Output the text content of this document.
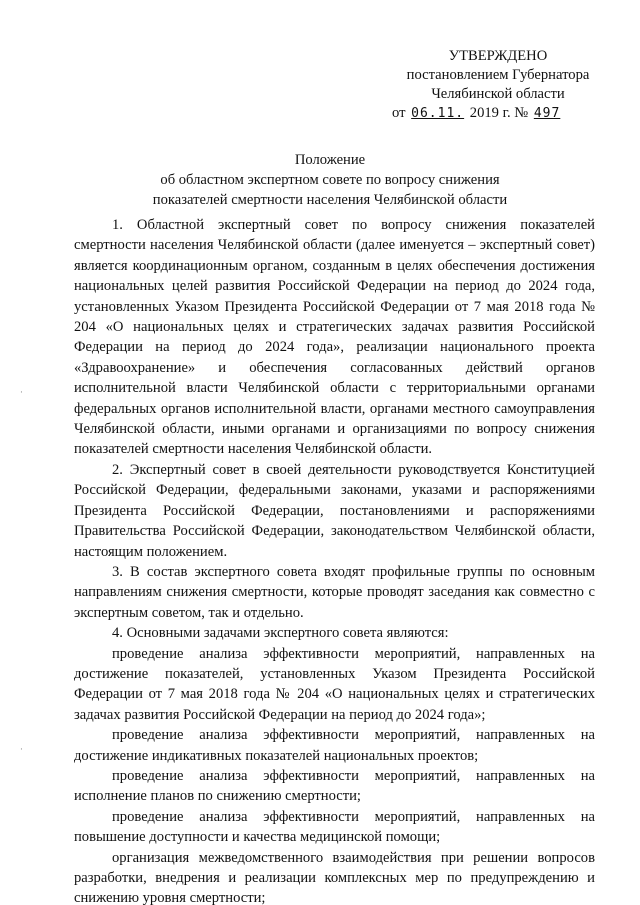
УТВЕРЖДЕНО
постановлением Губернатора
Челябинской области
от 06.11. 2019 г. № 497
Положение
об областном экспертном совете по вопросу снижения
показателей смертности населения Челябинской области

1. Областной экспертный совет по вопросу снижения показателей смертности населения Челябинской области (далее именуется – экспертный совет) является координационным органом, созданным в целях обеспечения достижения национальных целей развития Российской Федерации на период до 2024 года, установленных Указом Президента Российской Федерации от 7 мая 2018 года № 204 «О национальных целях и стратегических задачах развития Российской Федерации на период до 2024 года», реализации национального проекта «Здравоохранение» и обеспечения согласованных действий органов исполнительной власти Челябинской области с территориальными органами федеральных органов исполнительной власти, органами местного самоуправления Челябинской области, иными органами и организациями по вопросу снижения показателей смертности населения Челябинской области.

2. Экспертный совет в своей деятельности руководствуется Конституцией Российской Федерации, федеральными законами, указами и распоряжениями Президента Российской Федерации, постановлениями и распоряжениями Правительства Российской Федерации, законодательством Челябинской области, настоящим положением.

3. В состав экспертного совета входят профильные группы по основным направлениям снижения смертности, которые проводят заседания как совместно с экспертным советом, так и отдельно.

4. Основными задачами экспертного совета являются:

проведение анализа эффективности мероприятий, направленных на достижение показателей, установленных Указом Президента Российской Федерации от 7 мая 2018 года № 204 «О национальных целях и стратегических задачах развития Российской Федерации на период до 2024 года»;

проведение анализа эффективности мероприятий, направленных на достижение индикативных показателей национальных проектов;

проведение анализа эффективности мероприятий, направленных на исполнение планов по снижению смертности;

проведение анализа эффективности мероприятий, направленных на повышение доступности и качества медицинской помощи;

организация межведомственного взаимодействия при решении вопросов разработки, внедрения и реализации комплексных мер по предупреждению и снижению уровня смертности;

·
·
